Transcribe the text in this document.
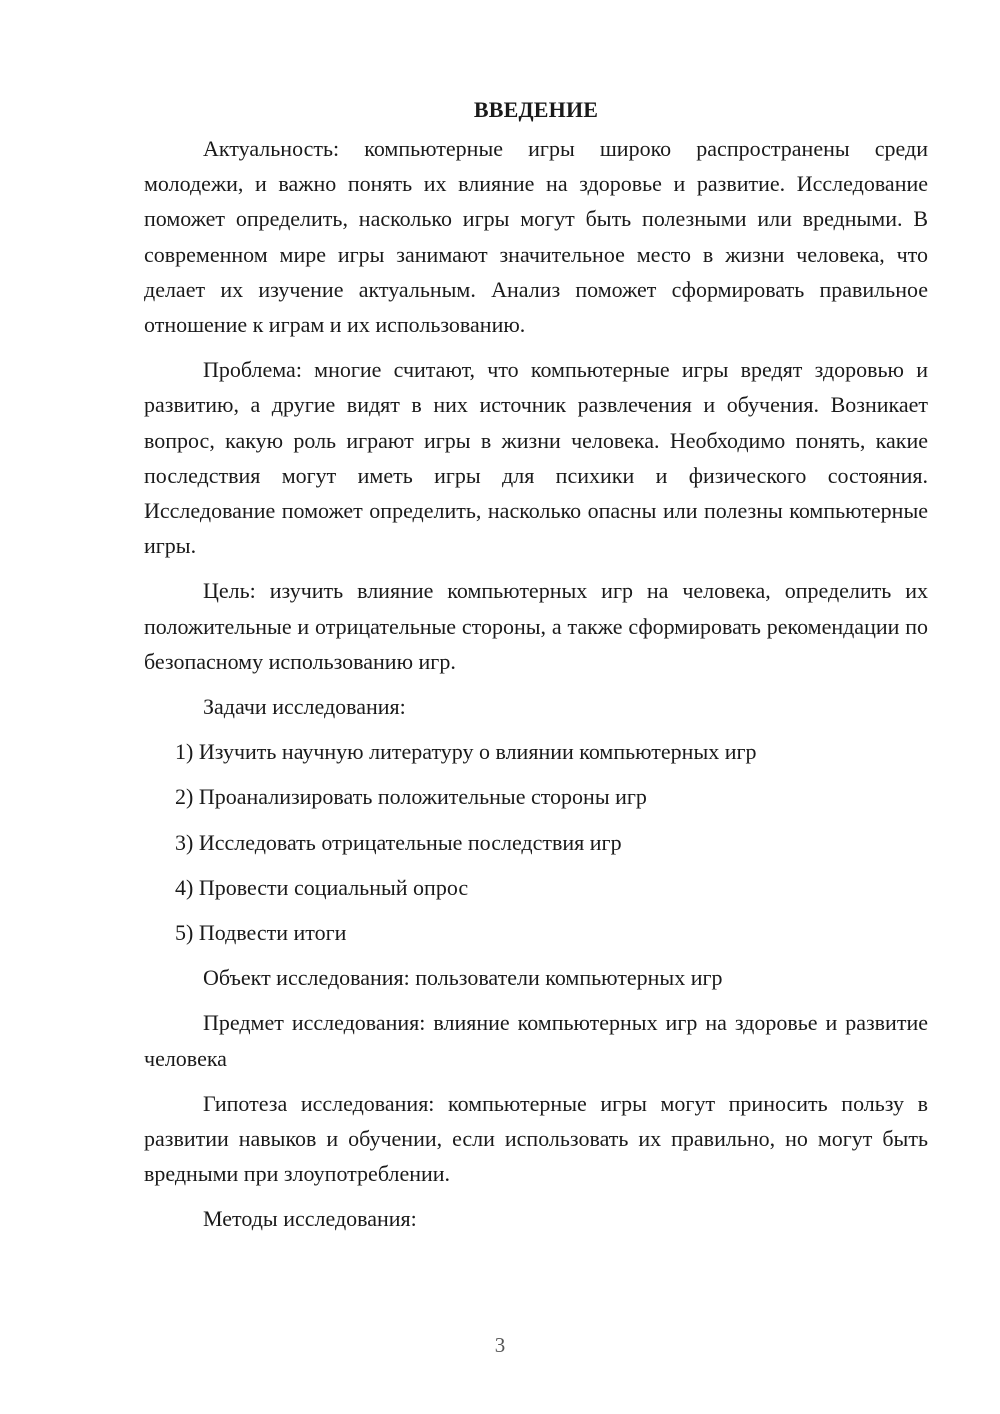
ВВЕДЕНИЕ

Актуальность: компьютерные игры широко распространены среди молодежи, и важно понять их влияние на здоровье и развитие. Исследование поможет определить, насколько игры могут быть полезными или вредными. В современном мире игры занимают значительное место в жизни человека, что делает их изучение актуальным. Анализ поможет сформировать правильное отношение к играм и их использованию.

Проблема: многие считают, что компьютерные игры вредят здоровью и развитию, а другие видят в них источник развлечения и обучения. Возникает вопрос, какую роль играют игры в жизни человека. Необходимо понять, какие последствия могут иметь игры для психики и физического состояния. Исследование поможет определить, насколько опасны или полезны компьютерные игры.

Цель: изучить влияние компьютерных игр на человека, определить их положительные и отрицательные стороны, а также сформировать рекомендации по безопасному использованию игр.

Задачи исследования:

1) Изучить научную литературу о влиянии компьютерных игр
2) Проанализировать положительные стороны игр
3) Исследовать отрицательные последствия игр
4) Провести социальный опрос
5) Подвести итоги

Объект исследования: пользователи компьютерных игр

Предмет исследования: влияние компьютерных игр на здоровье и развитие человека

Гипотеза исследования: компьютерные игры могут приносить пользу в развитии навыков и обучении, если использовать их правильно, но могут быть вредными при злоупотреблении.

Методы исследования:

3
